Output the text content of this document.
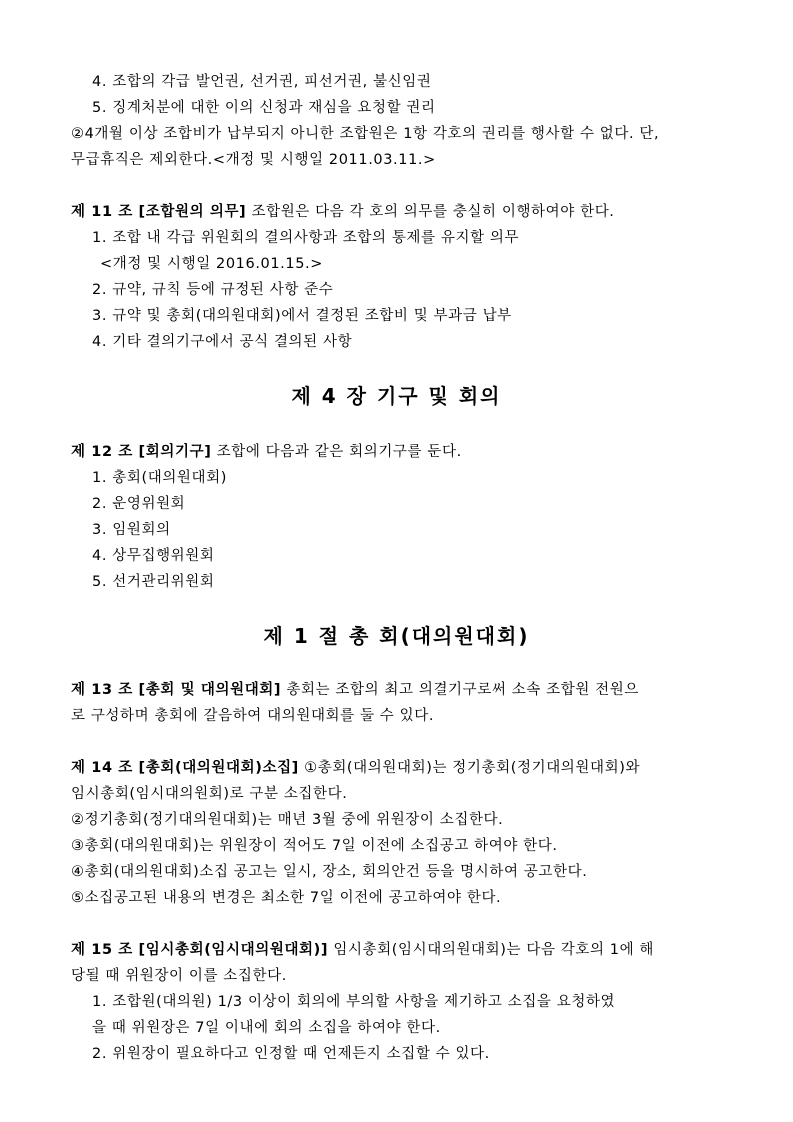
4. 조합의 각급 발언권, 선거권, 피선거권, 불신임권
5. 징계처분에 대한 이의 신청과 재심을 요청할 권리
②4개월 이상 조합비가 납부되지 아니한 조합원은 1항 각호의 권리를 행사할 수 없다. 단,
무급휴직은 제외한다.<개정 및 시행일 2011.03.11.>
제 11 조 [조합원의 의무] 조합원은 다음 각 호의 의무를 충실히 이행하여야 한다.
1. 조합 내 각급 위원회의 결의사항과 조합의 통제를 유지할 의무
<개정 및 시행일 2016.01.15.>
2. 규약, 규칙 등에 규정된 사항 준수
3. 규약 및 총회(대의원대회)에서 결정된 조합비 및 부과금 납부
4. 기타 결의기구에서 공식 결의된 사항
제 4 장 기구 및 회의
제 12 조 [회의기구] 조합에 다음과 같은 회의기구를 둔다.
1. 총회(대의원대회)
2. 운영위원회
3. 임원회의
4. 상무집행위원회
5. 선거관리위원회
제 1 절 총 회(대의원대회)
제 13 조 [총회 및 대의원대회] 총회는 조합의 최고 의결기구로써 소속 조합원 전원으
로 구성하며 총회에 갈음하여 대의원대회를 둘 수 있다.
제 14 조 [총회(대의원대회)소집] ①총회(대의원대회)는 정기총회(정기대의원대회)와
임시총회(임시대의원회)로 구분 소집한다.
②정기총회(정기대의원대회)는 매년 3월 중에 위원장이 소집한다.
③총회(대의원대회)는 위원장이 적어도 7일 이전에 소집공고 하여야 한다.
④총회(대의원대회)소집 공고는 일시, 장소, 회의안건 등을 명시하여 공고한다.
⑤소집공고된 내용의 변경은 최소한 7일 이전에 공고하여야 한다.
제 15 조 [임시총회(임시대의원대회)] 임시총회(임시대의원대회)는 다음 각호의 1에 해
당될 때 위원장이 이를 소집한다.
1. 조합원(대의원) 1/3 이상이 회의에 부의할 사항을 제기하고 소집을 요청하였
을 때 위원장은 7일 이내에 회의 소집을 하여야 한다.
2. 위원장이 필요하다고 인정할 때 언제든지 소집할 수 있다.
